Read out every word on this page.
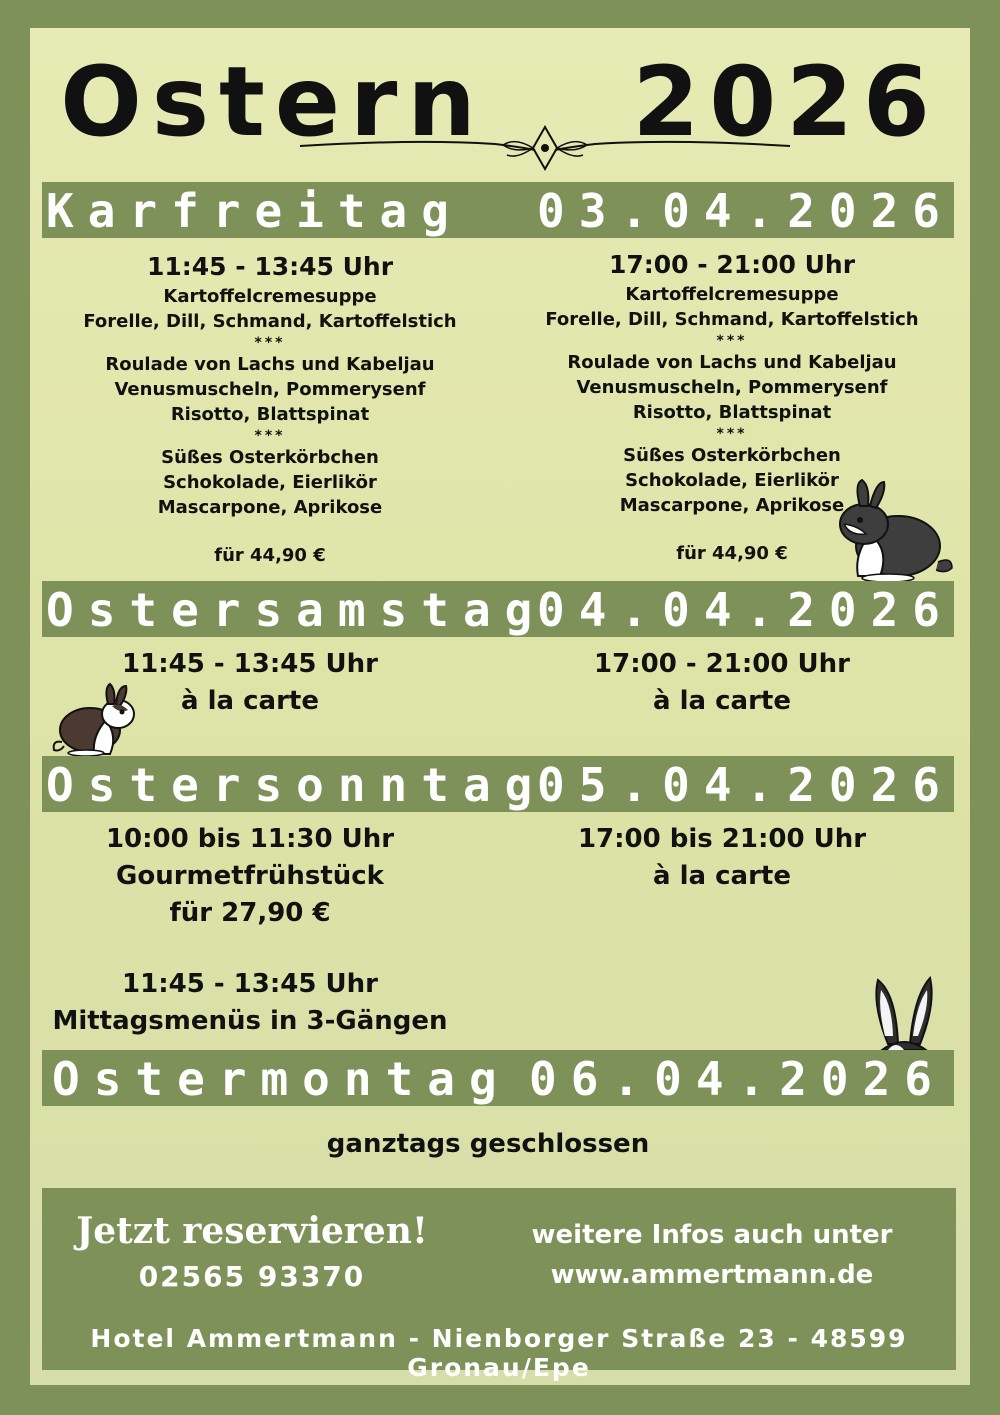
Ostern 2026
Karfreitag 03.04.2026
11:45 - 13:45 Uhr
Kartoffelcremesuppe
Forelle, Dill, Schmand, Kartoffelstich
***
Roulade von Lachs und Kabeljau
Venusmuscheln, Pommerysenf
Risotto, Blattspinat
***
Süßes Osterkörbchen
Schokolade, Eierlikör
Mascarpone, Aprikose
für 44,90 €
17:00 - 21:00 Uhr
Kartoffelcremesuppe
Forelle, Dill, Schmand, Kartoffelstich
***
Roulade von Lachs und Kabeljau
Venusmuscheln, Pommerysenf
Risotto, Blattspinat
***
Süßes Osterkörbchen
Schokolade, Eierlikör
Mascarpone, Aprikose
für 44,90 €
Ostersamstag
04.04.2026
11:45 - 13:45 Uhr
à la carte
17:00 - 21:00 Uhr
à la carte
Ostersonntag
05.04.2026
10:00 bis 11:30 Uhr
Gourmetfrühstück
für 27,90 €
11:45 - 13:45 Uhr
Mittagsmenüs in 3-Gängen
17:00 bis 21:00 Uhr
à la carte
Ostermontag 06.04.2026
ganztags geschlossen
Jetzt reservieren!
02565 93370
weitere Infos auch unter
www.ammertmann.de
Hotel Ammertmann - Nienborger Straße 23 - 48599 Gronau/Epe
